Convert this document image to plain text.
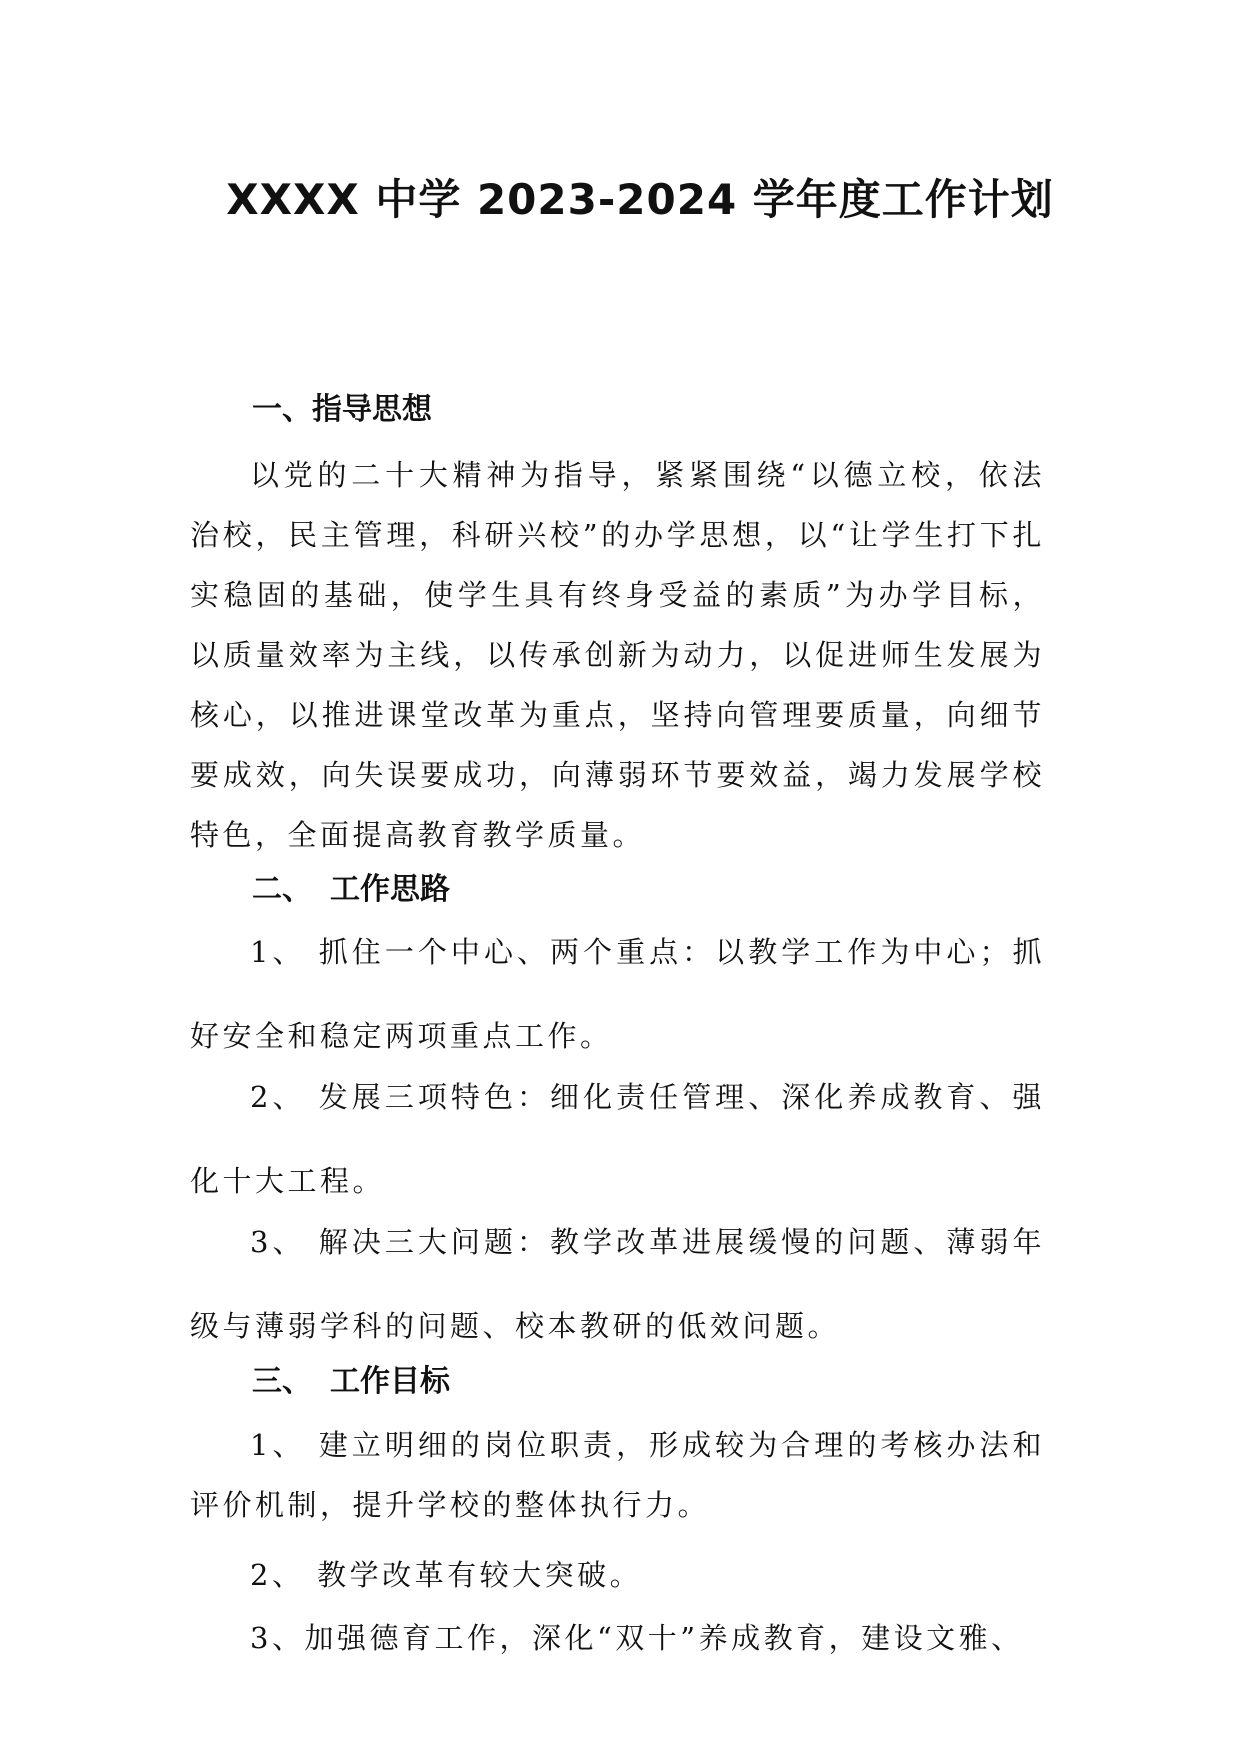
XXXX 中学 2023-2024 学年度工作计划
一、指导思想
以党的二十大精神为指导，紧紧围绕“以德立校，依法治校，民主管理，科研兴校”的办学思想，以“让学生打下扎实稳固的基础，使学生具有终身受益的素质”为办学目标，以质量效率为主线，以传承创新为动力，以促进师生发展为核心，以推进课堂改革为重点，坚持向管理要质量，向细节要成效，向失误要成功，向薄弱环节要效益，竭力发展学校特色，全面提高教育教学质量。
二、 工作思路
1、 抓住一个中心、两个重点：以教学工作为中心；抓好安全和稳定两项重点工作。
2、 发展三项特色：细化责任管理、深化养成教育、强化十大工程。
3、 解决三大问题：教学改革进展缓慢的问题、薄弱年级与薄弱学科的问题、校本教研的低效问题。
三、 工作目标
1、 建立明细的岗位职责，形成较为合理的考核办法和评价机制，提升学校的整体执行力。
2、 教学改革有较大突破。
3、加强德育工作，深化“双十”养成教育，建设文雅、
